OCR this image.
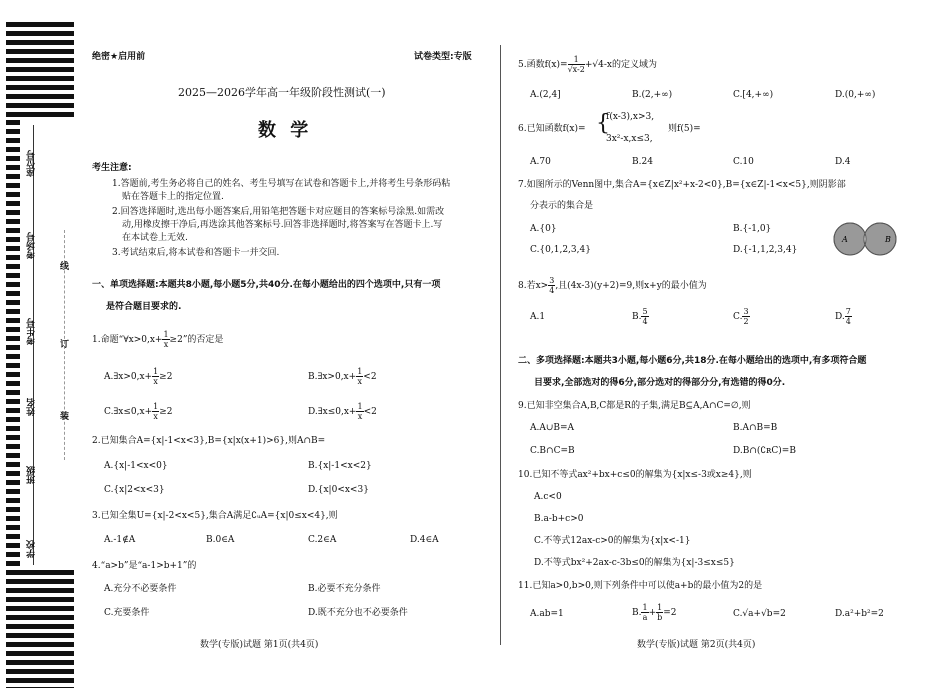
座位号
考场号
考生号
姓名
班级
学校
线
订
装
绝密★启用前	试卷类型:专版
2025—2026学年高一年级阶段性测试(一)
数 学
考生注意:
1.答题前,考生务必将自己的姓名、考生号填写在试卷和答题卡上,并将考生号条形码粘
贴在答题卡上的指定位置.
2.回答选择题时,选出每小题答案后,用铅笔把答题卡对应题目的答案标号涂黑.如需改
动,用橡皮擦干净后,再选涂其他答案标号.回答非选择题时,将答案写在答题卡上.写
在本试卷上无效.
3.考试结束后,将本试卷和答题卡一并交回.
一、单项选择题:本题共8小题,每小题5分,共40分.在每小题给出的四个选项中,只有一项
是符合题目要求的.
1.命题“∀x>0,x+ $\frac{1}{x} \ge 2$”的否定是
A.∃x>0,x+ $\frac{1}{x} \ge 2$	B.∃x>0,x+ $\frac{1}{x} <2$
C.∃x≤0,x+ $\frac{1}{x} \ge 2$	D.∃x≤0,x+ $\frac{1}{x} <2$
2.已知集合A={x|-1<x<3},B={x|x(x+1)>6},则A∩B=
A.{x|-1<x<0}	B.{x|-1<x<2}
C.{x|2<x<3}	D.{x|0<x<3}
3.已知全集U={x|-2<x<5},集合A满足∁ᵤA={x|0≤x<4},则
A.-1∉A	B.0∈A	C.2∈A	D.4∈A
4.“a>b”是“a-1>b+1”的
A.充分不必要条件	B.必要不充分条件
C.充要条件	D.既不充分也不必要条件
数学(专版)试题 第1页(共4页)
5.函数$f(x)= \frac{1}{√x-2} +√4-x$的定义域为
A.(2,4]	B.(2,+∞)	C.[4,+∞)	D.(0,+∞)
6.已知函数f(x)= {
f(x-3),x>3,
3x²-x,x≤3,
则f(5)=
A.70	B.24	C.10	D.4
7.如图所示的Venn图中,集合A={x∈Z|x²+x-2<0},B={x∈Z|-1<x<5},则阴影部
分表示的集合是
A.{0}	B.{-1,0}
C.{0,1,2,3,4}	D.{-1,1,2,3,4}
A	B
8.若$x> \frac{3}{4}$ ,且(4x-3)(y+2)=9,则x+y的最小值为
A.1	B. $\frac{5}{4}$	C. $\frac{3}{2}$	D. $\frac{7}{4}$
二、多项选择题:本题共3小题,每小题6分,共18分.在每小题给出的选项中,有多项符合题
目要求,全部选对的得6分,部分选对的得部分分,有选错的得0分.
9.已知非空集合A,B,C都是R的子集,满足B⊆A,A∩C=∅,则
A.A∪B=A	B.A∩B=B
C.B∩C=B	D.B∩(∁ʀC)=B
10.已知不等式ax²+bx+c≤0的解集为{x|x≤-3或x≥4},则
A.c<0
B.a-b+c>0
C.不等式12ax-c>0的解集为{x|x<-1}
D.不等式bx²+2ax-c-3b≤0的解集为{x|-3≤x≤5}
11.已知a>0,b>0,则下列条件中可以使a+b的最小值为2的是
A.ab=1	B. $\frac{1}{a} + \frac{1}{b} =2$	C.√a+√b=2	D.a²+b²=2
数学(专版)试题 第2页(共4页)
